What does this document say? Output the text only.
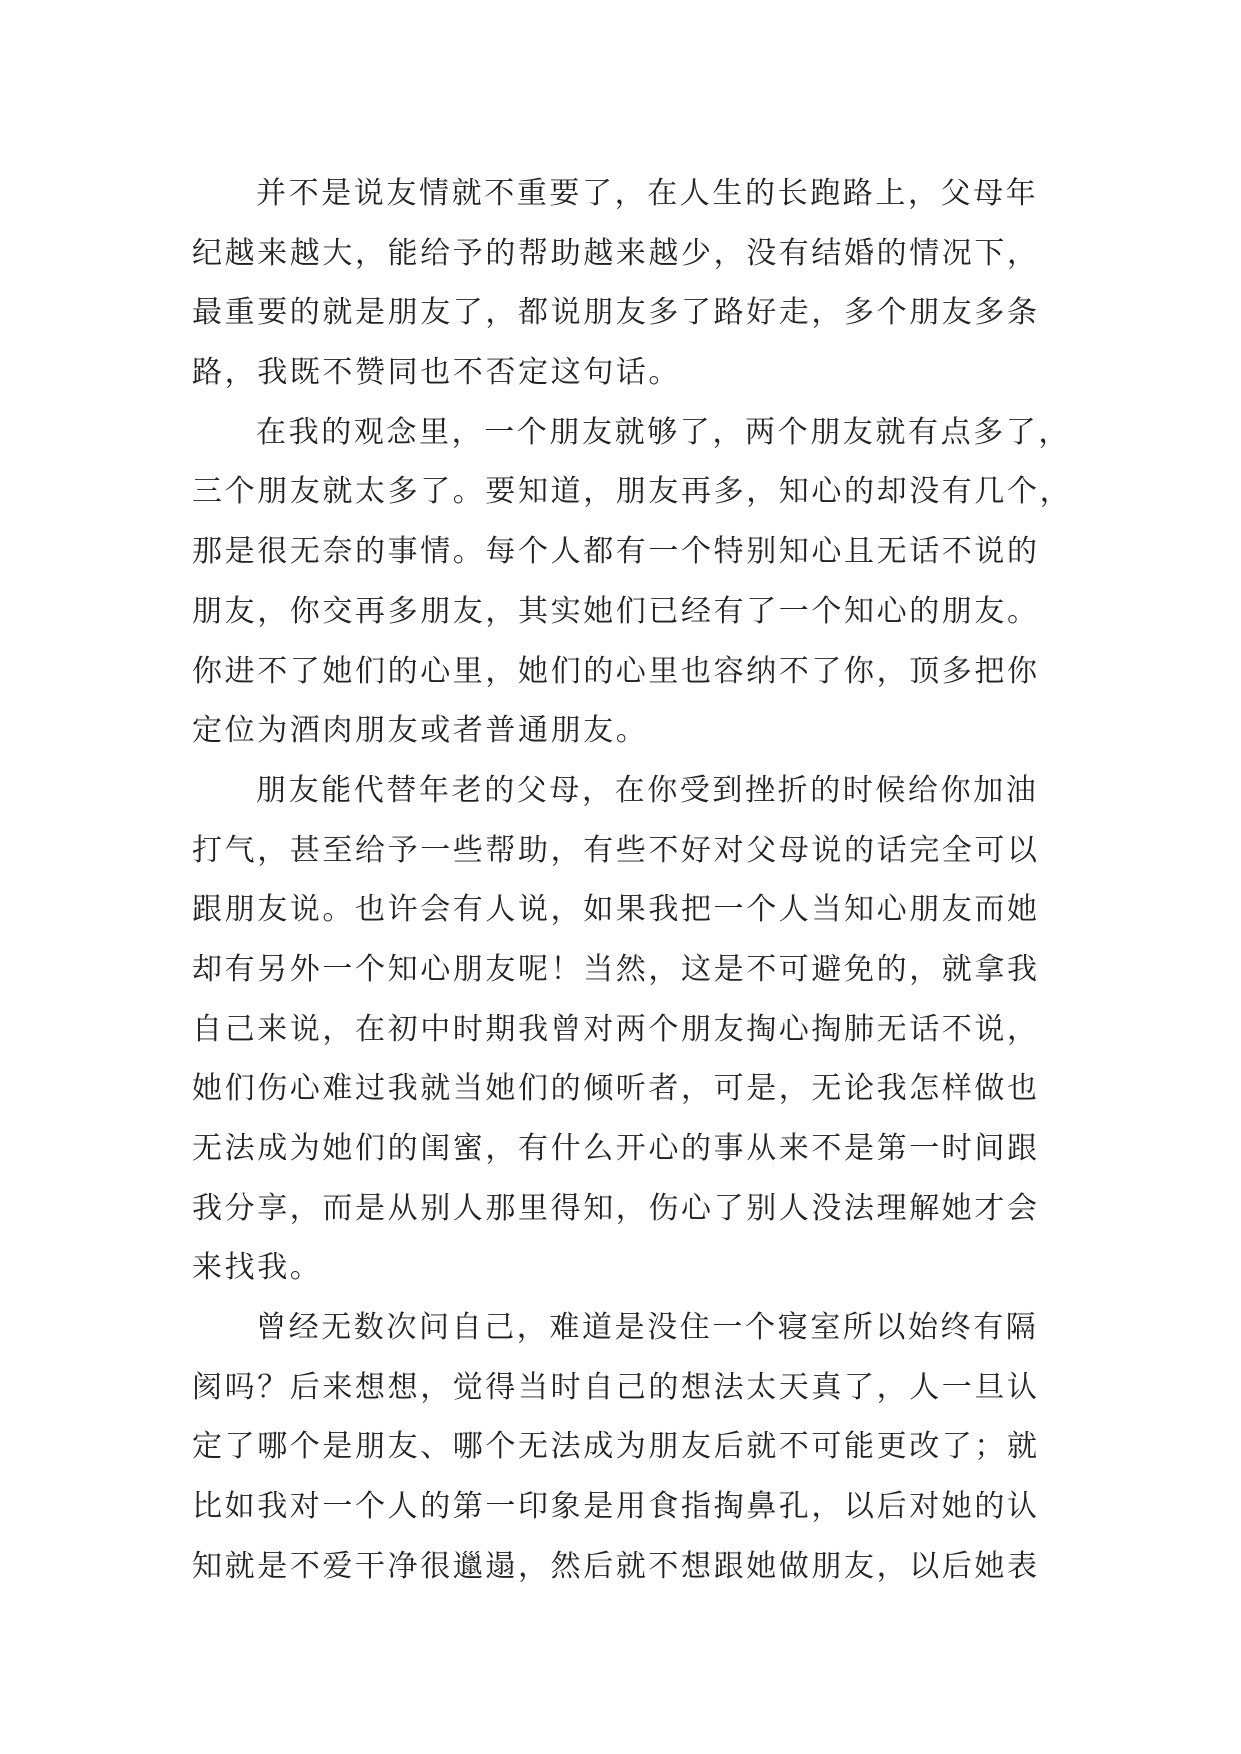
并不是说友情就不重要了，在人生的长跑路上，父母年
纪越来越大，能给予的帮助越来越少，没有结婚的情况下，
最重要的就是朋友了，都说朋友多了路好走，多个朋友多条
路，我既不赞同也不否定这句话。
在我的观念里，一个朋友就够了，两个朋友就有点多了，
三个朋友就太多了。要知道，朋友再多，知心的却没有几个，
那是很无奈的事情。每个人都有一个特别知心且无话不说的
朋友，你交再多朋友，其实她们已经有了一个知心的朋友。
你进不了她们的心里，她们的心里也容纳不了你，顶多把你
定位为酒肉朋友或者普通朋友。
朋友能代替年老的父母，在你受到挫折的时候给你加油
打气，甚至给予一些帮助，有些不好对父母说的话完全可以
跟朋友说。也许会有人说，如果我把一个人当知心朋友而她
却有另外一个知心朋友呢！当然，这是不可避免的，就拿我
自己来说，在初中时期我曾对两个朋友掏心掏肺无话不说，
她们伤心难过我就当她们的倾听者，可是，无论我怎样做也
无法成为她们的闺蜜，有什么开心的事从来不是第一时间跟
我分享，而是从别人那里得知，伤心了别人没法理解她才会
来找我。
曾经无数次问自己，难道是没住一个寝室所以始终有隔
阂吗？后来想想，觉得当时自己的想法太天真了，人一旦认
定了哪个是朋友、哪个无法成为朋友后就不可能更改了；就
比如我对一个人的第一印象是用食指掏鼻孔，以后对她的认
知就是不爱干净很邋遢，然后就不想跟她做朋友，以后她表
